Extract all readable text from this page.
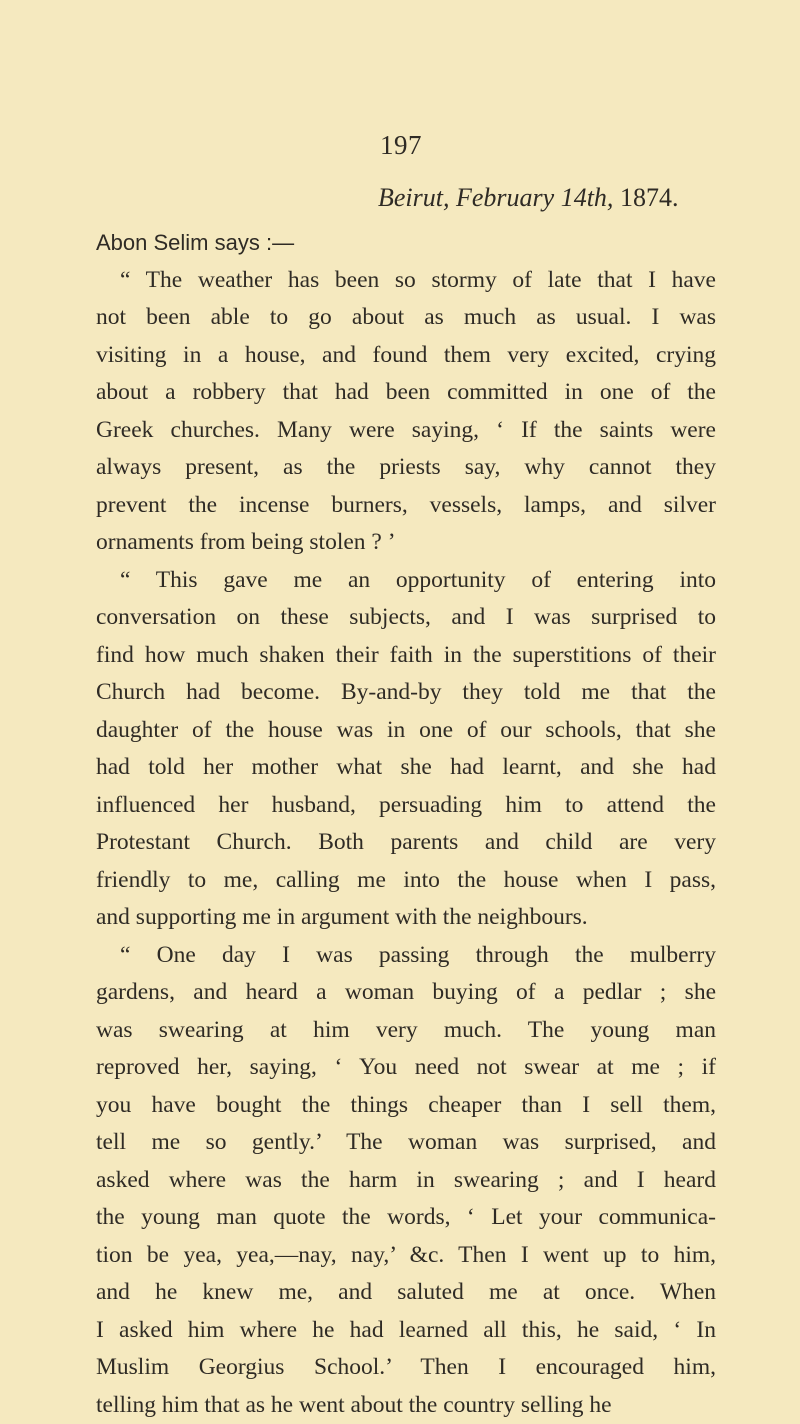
197
Beirut, February 14th, 1874.
Abon Selim says :—
“ The weather has been so stormy of late that I have
not been able to go about as much as usual. I was
visiting in a house, and found them very excited, crying
about a robbery that had been committed in one of the
Greek churches. Many were saying, ‘ If the saints were
always present, as the priests say, why cannot they
prevent the incense burners, vessels, lamps, and silver
ornaments from being stolen ? ’
“ This gave me an opportunity of entering into
conversation on these subjects, and I was surprised to
find how much shaken their faith in the superstitions of their
Church had become. By-and-by they told me that the
daughter of the house was in one of our schools, that she
had told her mother what she had learnt, and she had
influenced her husband, persuading him to attend the
Protestant Church. Both parents and child are very
friendly to me, calling me into the house when I pass,
and supporting me in argument with the neighbours.
“ One day I was passing through the mulberry
gardens, and heard a woman buying of a pedlar ; she
was swearing at him very much. The young man
reproved her, saying, ‘ You need not swear at me ; if
you have bought the things cheaper than I sell them,
tell me so gently.’ The woman was surprised, and
asked where was the harm in swearing ; and I heard
the young man quote the words, ‘ Let your communica-
tion be yea, yea,—nay, nay,’ &c. Then I went up to him,
and he knew me, and saluted me at once. When
I asked him where he had learned all this, he said, ‘ In
Muslim Georgius School.’ Then I encouraged him,
telling him that as he went about the country selling he
